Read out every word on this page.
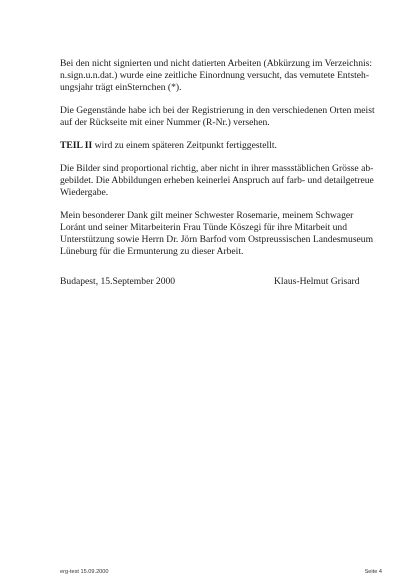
Bei den nicht signierten und nicht datierten Arbeiten (Abkürzung im Verzeichnis:
n.sign.u.n.dat.) wurde eine zeitliche Einordnung versucht, das vemutete Entsteh-
ungsjahr trägt einSternchen (*).

Die Gegenstände habe ich bei der Registrierung in den verschiedenen Orten meist
auf der Rückseite mit einer Nummer (R-Nr.) versehen.

TEIL II wird zu einem späteren Zeitpunkt fertiggestellt.

Die Bilder sind proportional richtig, aber nicht in ihrer massstäblichen Grösse ab-
gebildet. Die Abbildungen erheben keinerlei Anspruch auf farb- und detailgetreue
Wiedergabe.

Mein besonderer Dank gilt meiner Schwester Rosemarie, meinem Schwager
Loránt und seiner Mitarbeiterin Frau Tünde Köszegi für ihre Mitarbeit und
Unterstützung sowie Herrn Dr. Jörn Barfod vom Ostpreussischen Landesmuseum
Lüneburg für die Ermunterung zu dieser Arbeit.

Budapest, 15.September 2000	Klaus-Helmut Grisard
erg-test 15.09.2000	Seite 4
